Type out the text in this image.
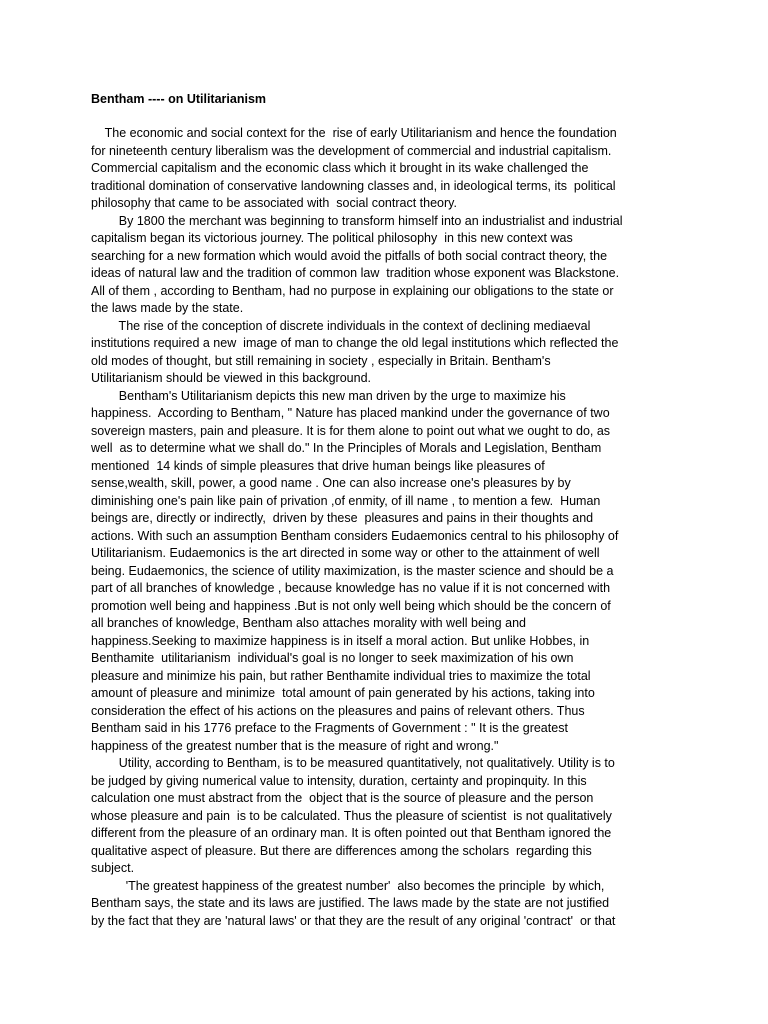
Bentham ---- on Utilitarianism

The economic and social context for the  rise of early Utilitarianism and hence the foundation
for nineteenth century liberalism was the development of commercial and industrial capitalism.
Commercial capitalism and the economic class which it brought in its wake challenged the
traditional domination of conservative landowning classes and, in ideological terms, its  political
philosophy that came to be associated with  social contract theory.

By 1800 the merchant was beginning to transform himself into an industrialist and industrial
capitalism began its victorious journey. The political philosophy  in this new context was
searching for a new formation which would avoid the pitfalls of both social contract theory, the
ideas of natural law and the tradition of common law  tradition whose exponent was Blackstone.
All of them , according to Bentham, had no purpose in explaining our obligations to the state or
the laws made by the state.

The rise of the conception of discrete individuals in the context of declining mediaeval
institutions required a new  image of man to change the old legal institutions which reflected the
old modes of thought, but still remaining in society , especially in Britain. Bentham's
Utilitarianism should be viewed in this background.

Bentham's Utilitarianism depicts this new man driven by the urge to maximize his
happiness.  According to Bentham, " Nature has placed mankind under the governance of two
sovereign masters, pain and pleasure. It is for them alone to point out what we ought to do, as
well  as to determine what we shall do." In the Principles of Morals and Legislation, Bentham
mentioned  14 kinds of simple pleasures that drive human beings like pleasures of
sense,wealth, skill, power, a good name . One can also increase one's pleasures by by
diminishing one's pain like pain of privation ,of enmity, of ill name , to mention a few.  Human
beings are, directly or indirectly,  driven by these  pleasures and pains in their thoughts and
actions. With such an assumption Bentham considers Eudaemonics central to his philosophy of
Utilitarianism. Eudaemonics is the art directed in some way or other to the attainment of well
being. Eudaemonics, the science of utility maximization, is the master science and should be a
part of all branches of knowledge , because knowledge has no value if it is not concerned with
promotion well being and happiness .But is not only well being which should be the concern of
all branches of knowledge, Bentham also attaches morality with well being and
happiness.Seeking to maximize happiness is in itself a moral action. But unlike Hobbes, in
Benthamite  utilitarianism  individual's goal is no longer to seek maximization of his own
pleasure and minimize his pain, but rather Benthamite individual tries to maximize the total
amount of pleasure and minimize  total amount of pain generated by his actions, taking into
consideration the effect of his actions on the pleasures and pains of relevant others. Thus
Bentham said in his 1776 preface to the Fragments of Government : " It is the greatest
happiness of the greatest number that is the measure of right and wrong."

Utility, according to Bentham, is to be measured quantitatively, not qualitatively. Utility is to
be judged by giving numerical value to intensity, duration, certainty and propinquity. In this
calculation one must abstract from the  object that is the source of pleasure and the person
whose pleasure and pain  is to be calculated. Thus the pleasure of scientist  is not qualitatively
different from the pleasure of an ordinary man. It is often pointed out that Bentham ignored the
qualitative aspect of pleasure. But there are differences among the scholars  regarding this
subject.

'The greatest happiness of the greatest number'  also becomes the principle  by which,
Bentham says, the state and its laws are justified. The laws made by the state are not justified
by the fact that they are 'natural laws' or that they are the result of any original 'contract'  or that
